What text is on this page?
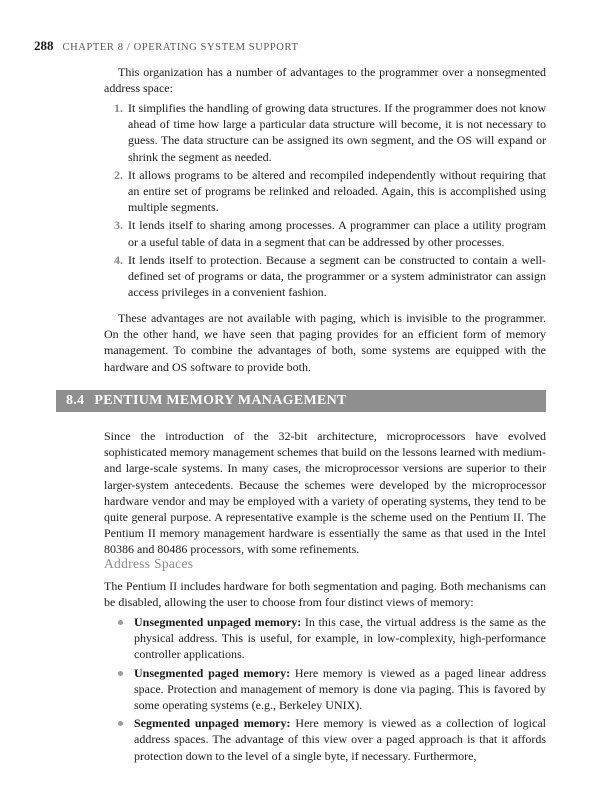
288 CHAPTER 8 / OPERATING SYSTEM SUPPORT

This organization has a number of advantages to the programmer over a nonsegmented address space:

1. It simplifies the handling of growing data structures. If the programmer does not know ahead of time how large a particular data structure will become, it is not necessary to guess. The data structure can be assigned its own segment, and the OS will expand or shrink the segment as needed.
2. It allows programs to be altered and recompiled independently without requiring that an entire set of programs be relinked and reloaded. Again, this is accomplished using multiple segments.
3. It lends itself to sharing among processes. A programmer can place a utility program or a useful table of data in a segment that can be addressed by other processes.
4. It lends itself to protection. Because a segment can be constructed to contain a well-defined set of programs or data, the programmer or a system administrator can assign access privileges in a convenient fashion.

These advantages are not available with paging, which is invisible to the programmer. On the other hand, we have seen that paging provides for an efficient form of memory management. To combine the advantages of both, some systems are equipped with the hardware and OS software to provide both.

8.4 PENTIUM MEMORY MANAGEMENT

Since the introduction of the 32-bit architecture, microprocessors have evolved sophisticated memory management schemes that build on the lessons learned with medium- and large-scale systems. In many cases, the microprocessor versions are superior to their larger-system antecedents. Because the schemes were developed by the microprocessor hardware vendor and may be employed with a variety of operating systems, they tend to be quite general purpose. A representative example is the scheme used on the Pentium II. The Pentium II memory management hardware is essentially the same as that used in the Intel 80386 and 80486 processors, with some refinements.

Address Spaces

The Pentium II includes hardware for both segmentation and paging. Both mechanisms can be disabled, allowing the user to choose from four distinct views of memory:

Unsegmented unpaged memory: In this case, the virtual address is the same as the physical address. This is useful, for example, in low-complexity, high-performance controller applications.
Unsegmented paged memory: Here memory is viewed as a paged linear address space. Protection and management of memory is done via paging. This is favored by some operating systems (e.g., Berkeley UNIX).
Segmented unpaged memory: Here memory is viewed as a collection of logical address spaces. The advantage of this view over a paged approach is that it affords protection down to the level of a single byte, if necessary. Furthermore,
